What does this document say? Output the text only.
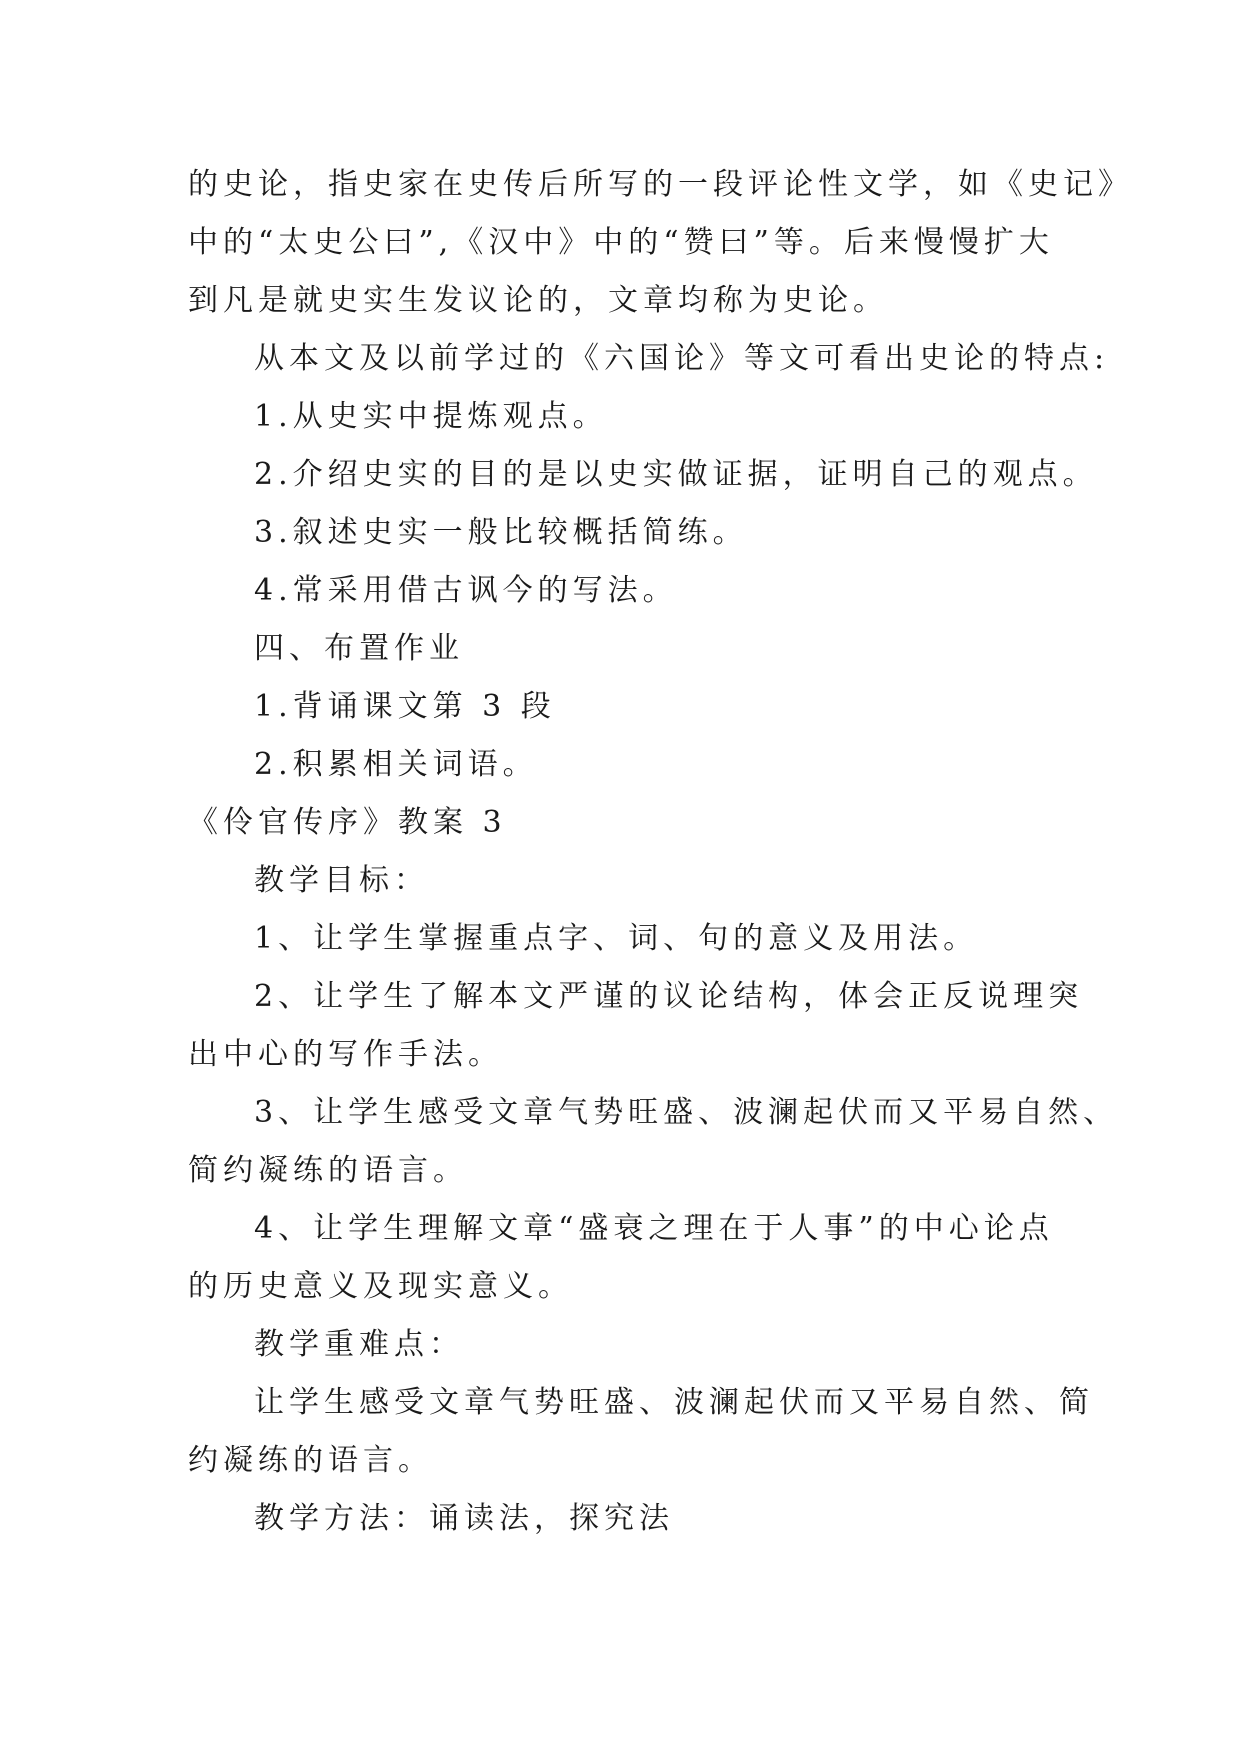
的史论，指史家在史传后所写的一段评论性文学，如《史记》

中的“太史公曰”,《汉中》中的“赞曰”等。后来慢慢扩大

到凡是就史实生发议论的，文章均称为史论。

从本文及以前学过的《六国论》等文可看出史论的特点:

1.从史实中提炼观点。

2.介绍史实的目的是以史实做证据，证明自己的观点。

3.叙述史实一般比较概括简练。

4.常采用借古讽今的写法。

四、布置作业

1.背诵课文第 3 段

2.积累相关词语。

《伶官传序》教案 3

教学目标：

1、让学生掌握重点字、词、句的意义及用法。

2、让学生了解本文严谨的议论结构，体会正反说理突

出中心的写作手法。

3、让学生感受文章气势旺盛、波澜起伏而又平易自然、

简约凝练的语言。

4、让学生理解文章“盛衰之理在于人事”的中心论点

的历史意义及现实意义。

教学重难点：

让学生感受文章气势旺盛、波澜起伏而又平易自然、简

约凝练的语言。

教学方法：诵读法，探究法
